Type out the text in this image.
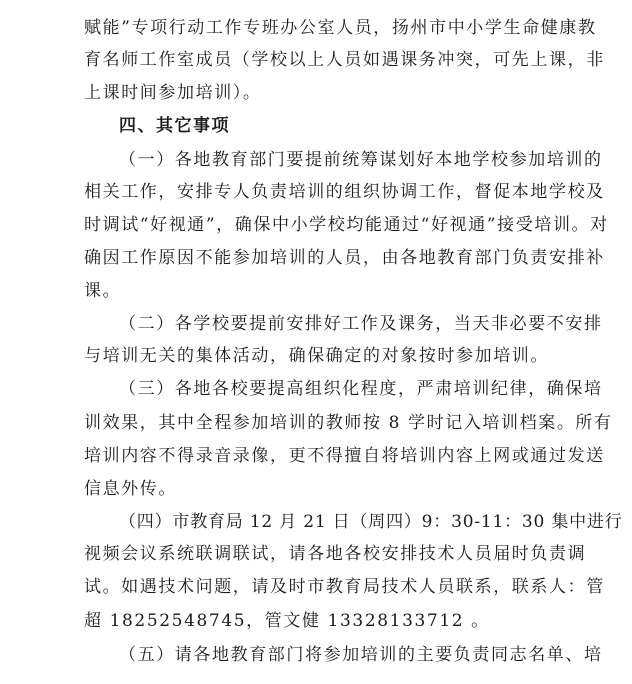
赋能”专项行动工作专班办公室人员，扬州市中小学生命健康教
育名师工作室成员（学校以上人员如遇课务冲突，可先上课，非
上课时间参加培训）。
四、其它事项
（一）各地教育部门要提前统筹谋划好本地学校参加培训的
相关工作，安排专人负责培训的组织协调工作，督促本地学校及
时调试“好视通”，确保中小学校均能通过“好视通”接受培训。对
确因工作原因不能参加培训的人员，由各地教育部门负责安排补
课。
（二）各学校要提前安排好工作及课务，当天非必要不安排
与培训无关的集体活动，确保确定的对象按时参加培训。
（三）各地各校要提高组织化程度，严肃培训纪律，确保培
训效果，其中全程参加培训的教师按 8 学时记入培训档案。所有
培训内容不得录音录像，更不得擅自将培训内容上网或通过发送
信息外传。
（四）市教育局 12 月 21 日（周四）9：30-11：30 集中进行
视频会议系统联调联试，请各地各校安排技术人员届时负责调
试。如遇技术问题，请及时市教育局技术人员联系，联系人：管
超 18252548745，管文健 13328133712 。
（五）请各地教育部门将参加培训的主要负责同志名单、培
